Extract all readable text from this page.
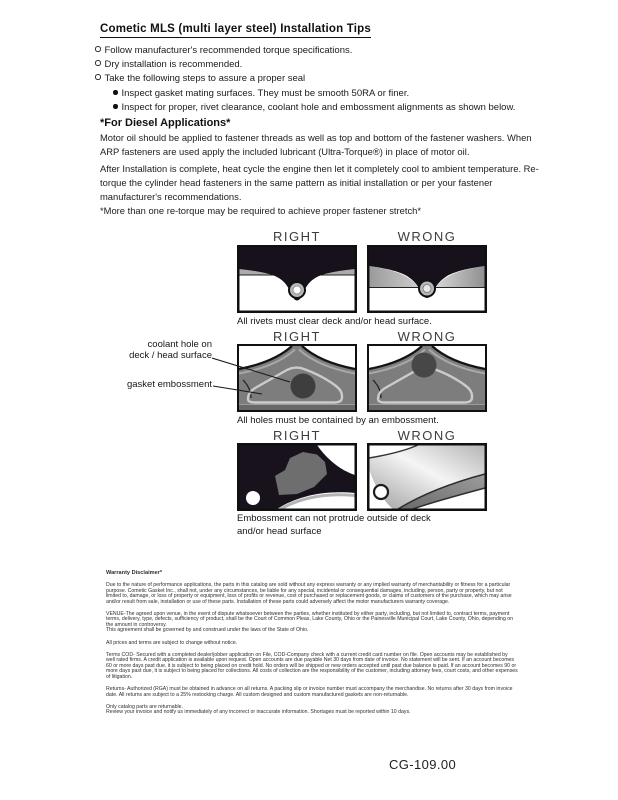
Cometic MLS (multi layer steel) Installation Tips
Follow manufacturer's recommended torque specifications.
Dry installation is recommended.
Take the following steps to assure a proper seal
Inspect gasket mating surfaces. They must be smooth 50RA or finer.
Inspect for proper, rivet clearance, coolant hole and embossment alignments as shown below.
*For Diesel Applications*
Motor oil should be applied to fastener threads as well as top and bottom of the fastener washers. When ARP fasteners are used apply the included lubricant (Ultra-Torque®) in place of motor oil.
After Installation is complete, heat cycle the engine then let it completely cool to ambient temperature. Re-torque the cylinder head fasteners in the same pattern as initial installation or per your fastener manufacturer's recommendations.
*More than one re-torque may be required to achieve proper fastener stretch*
RIGHT	WRONG
All rivets must clear deck and/or head surface.
RIGHT	WRONG
coolant hole on
deck / head surface
gasket embossment
All holes must be contained by an embossment.
RIGHT	WRONG
Embossment can not protrude outside of deck
and/or head surface

Warranty Disclaimer*

Due to the nature of performance applications, the parts in this catalog are sold without any express warranty or any implied warranty of merchantability or fitness for a particular purpose. Cometic Gasket Inc., shall not, under any circumstances, be liable for any special, incidental or consequential damages, including, person, party or property, but not limited to, damage, or loss of property or equipment, loss of profits or revenue, cost of purchased or replacement goods, or claims of customers of the purchase, which may arise and/or result from sale, installation or use of these parts. Installation of these parts could adversely affect the motor manufacturers warranty coverage.

VENUE-The agreed upon venue, in the event of dispute whatsoever between the parties, whether instituted by either party, including, but not limited to, contract terms, payment terms, delivery, type, defects, sufficiency of product, shall be the Court of Common Pleas, Lake County, Ohio or the Painesville Municipal Court, Lake County, Ohio, depending on the amount in controversy.
This agreement shall be governed by and construed under the laws of the State of Ohio.

All prices and terms are subject to change without notice.

Terms COD- Secured with a completed dealer/jobber application on File, COD-Company check with a current credit card number on file. Open accounts may be established by well rated firms. A credit application is available upon request. Open accounts are due payable Net 30 days from date of invoice. No statement will be sent. If an account becomes 60 or more days past due, it is subject to being placed on credit hold. No orders will be shipped or new orders accepted until past due balance is paid. If an account becomes 90 or more days past due, it is subject to being placed for collections. All costs of collection are the responsibility of the customer, including attorney fees, court costs, and other expenses of litigation.

Returns- Authorized (RGA) must be obtained in advance on all returns. A packing slip or invoice number must accompany the merchandise. No returns after 30 days from invoice date. All returns are subject to a 25% restocking charge. All custom designed and custom manufactured gaskets are non-returnable.

Only catalog parts are returnable.
Review your invoice and notify us immediately of any incorrect or inaccurate information. Shortages must be reported within 10 days.

CG-109.00
